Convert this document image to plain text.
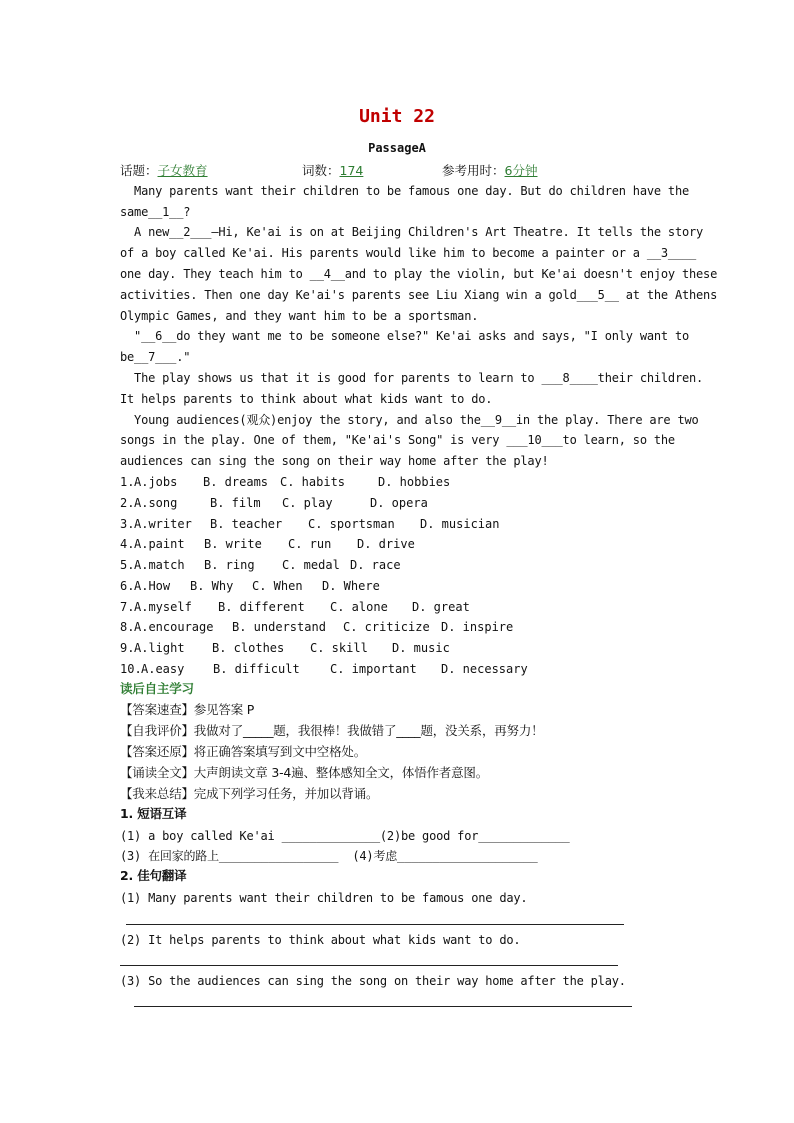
Unit 22
PassageA
话题：子女教育	词数：174	参考用时：6分钟
Many parents want their children to be famous one day. But do children have the
same__1__?
A new__2___—Hi, Ke'ai is on at Beijing Children's Art Theatre. It tells the story
of a boy called Ke'ai. His parents would like him to become a painter or a __3____
one day. They teach him to __4__and to play the violin, but Ke'ai doesn't enjoy these
activities. Then one day Ke'ai's parents see Liu Xiang win a gold___5__ at the Athens
Olympic Games, and they want him to be a sportsman.
"__6__do they want me to be someone else?" Ke'ai asks and says, "I only want to
be__7___."
The play shows us that it is good for parents to learn to ___8____their children.
It helps parents to think about what kids want to do.
Young audiences(观众)enjoy the story, and also the__9__in the play. There are two
songs in the play. One of them, "Ke'ai's Song" is very ___10___to learn, so the
audiences can sing the song on their way home after the play!
1. A.jobs B. dreams C. habits	D. hobbies
2. A.song	B. film C. play	D. opera
3. A.writer B. teacher C. sportsman D. musician
4. A.paint B. write C. run D. drive
5. A.match B. ring C. medal D. race
6. A.How B. Why C. When D. Where
7. A.myself B. different C. alone D. great
8. A.encourage B. understand C. criticize D. inspire
9. A.light B. clothes C. skill D. music
10. A.easy B. difficult	C. important D. necessary
读后自主学习
【答案速查】参见答案 P
【自我评价】我做对了_____题，我很棒！我做错了____题，没关系，再努力！
【答案还原】将正确答案填写到文中空格处。
【诵读全文】大声朗读文章 3-4遍、整体感知全文，体悟作者意图。
【我来总结】完成下列学习任务，并加以背诵。
1. 短语互译
(1) a boy called Ke'ai ______________(2)be good for_____________
(3) 在回家的路上_________________  (4)考虑____________________
2. 佳句翻译
(1) Many parents want their children to be famous one day.
(2) It helps parents to think about what kids want to do.
(3) So the audiences can sing the song on their way home after the play.
